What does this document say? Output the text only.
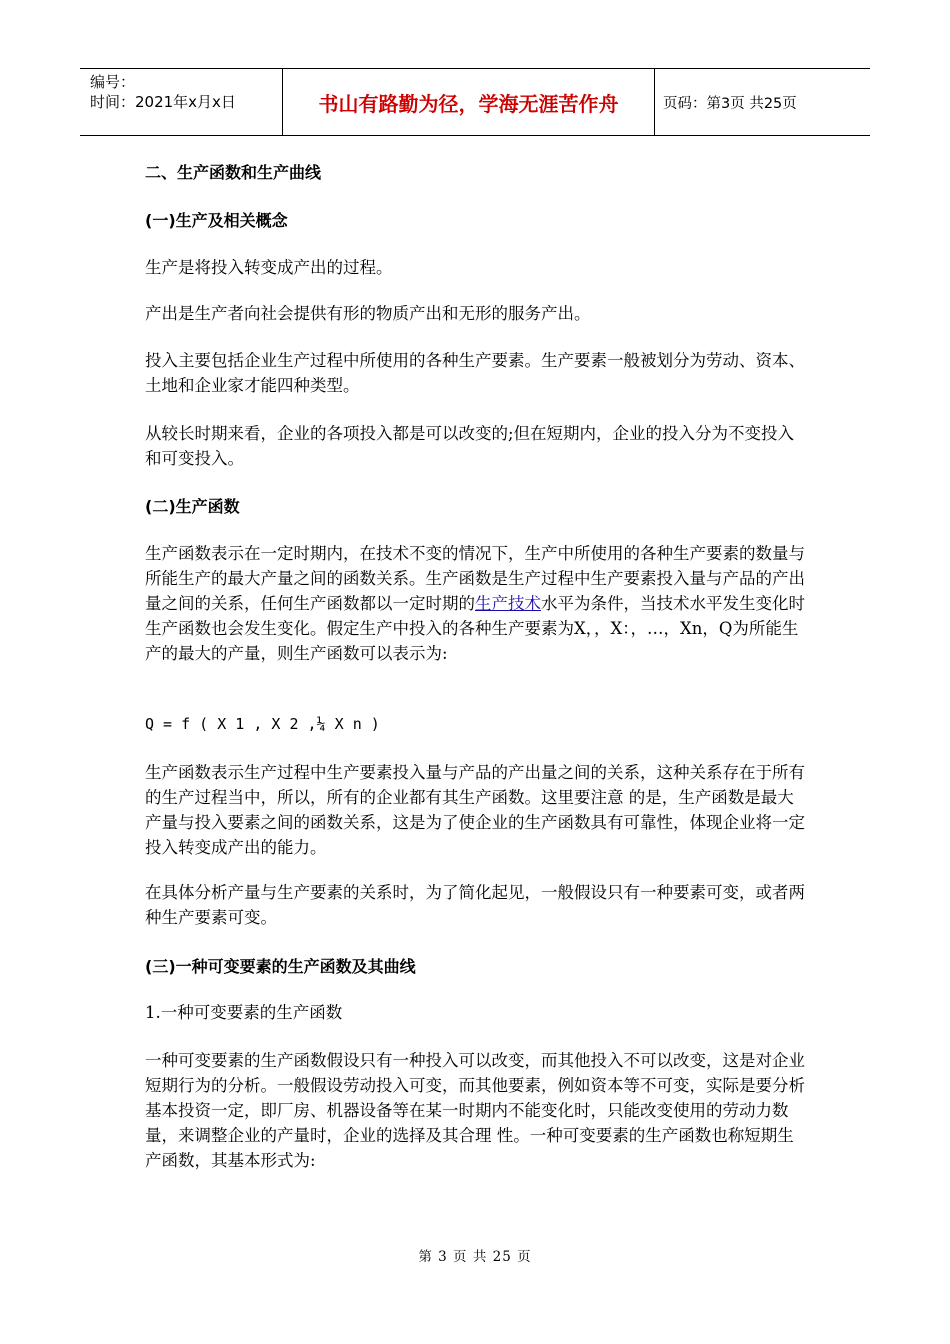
编号：
时间：2021年x月x日	书山有路勤为径，学海无涯苦作舟	页码：第3页 共25页

二、生产函数和生产曲线

(一)生产及相关概念

生产是将投入转变成产出的过程。

产出是生产者向社会提供有形的物质产出和无形的服务产出。

投入主要包括企业生产过程中所使用的各种生产要素。生产要素一般被划分为劳动、资本、土地和企业家才能四种类型。

从较长时期来看，企业的各项投入都是可以改变的;但在短期内，企业的投入分为不变投入和可变投入。

(二)生产函数

生产函数表示在一定时期内，在技术不变的情况下，生产中所使用的各种生产要素的数量与所能生产的最大产量之间的函数关系。生产函数是生产过程中生产要素投入量与产品的产出量之间的关系，任何生产函数都以一定时期的生产技术水平为条件，当技术水平发生变化时生产函数也会发生变化。假定生产中投入的各种生产要素为X，，X：，…，Xn，Q为所能生产的最大的产量，则生产函数可以表示为:

Q = f ( X 1 , X 2 ,¼ X n )

生产函数表示生产过程中生产要素投入量与产品的产出量之间的关系，这种关系存在于所有的生产过程当中，所以，所有的企业都有其生产函数。这里要注意 的是，生产函数是最大产量与投入要素之间的函数关系，这是为了使企业的生产函数具有可靠性，体现企业将一定投入转变成产出的能力。

在具体分析产量与生产要素的关系时，为了简化起见，一般假设只有一种要素可变，或者两种生产要素可变。

(三)一种可变要素的生产函数及其曲线

1.一种可变要素的生产函数

一种可变要素的生产函数假设只有一种投入可以改变，而其他投入不可以改变，这是对企业短期行为的分析。一般假设劳动投入可变，而其他要素，例如资本等不可变，实际是要分析基本投资一定，即厂房、机器设备等在某一时期内不能变化时，只能改变使用的劳动力数量，来调整企业的产量时，企业的选择及其合理 性。一种可变要素的生产函数也称短期生产函数，其基本形式为:

第 3 页 共 25 页
